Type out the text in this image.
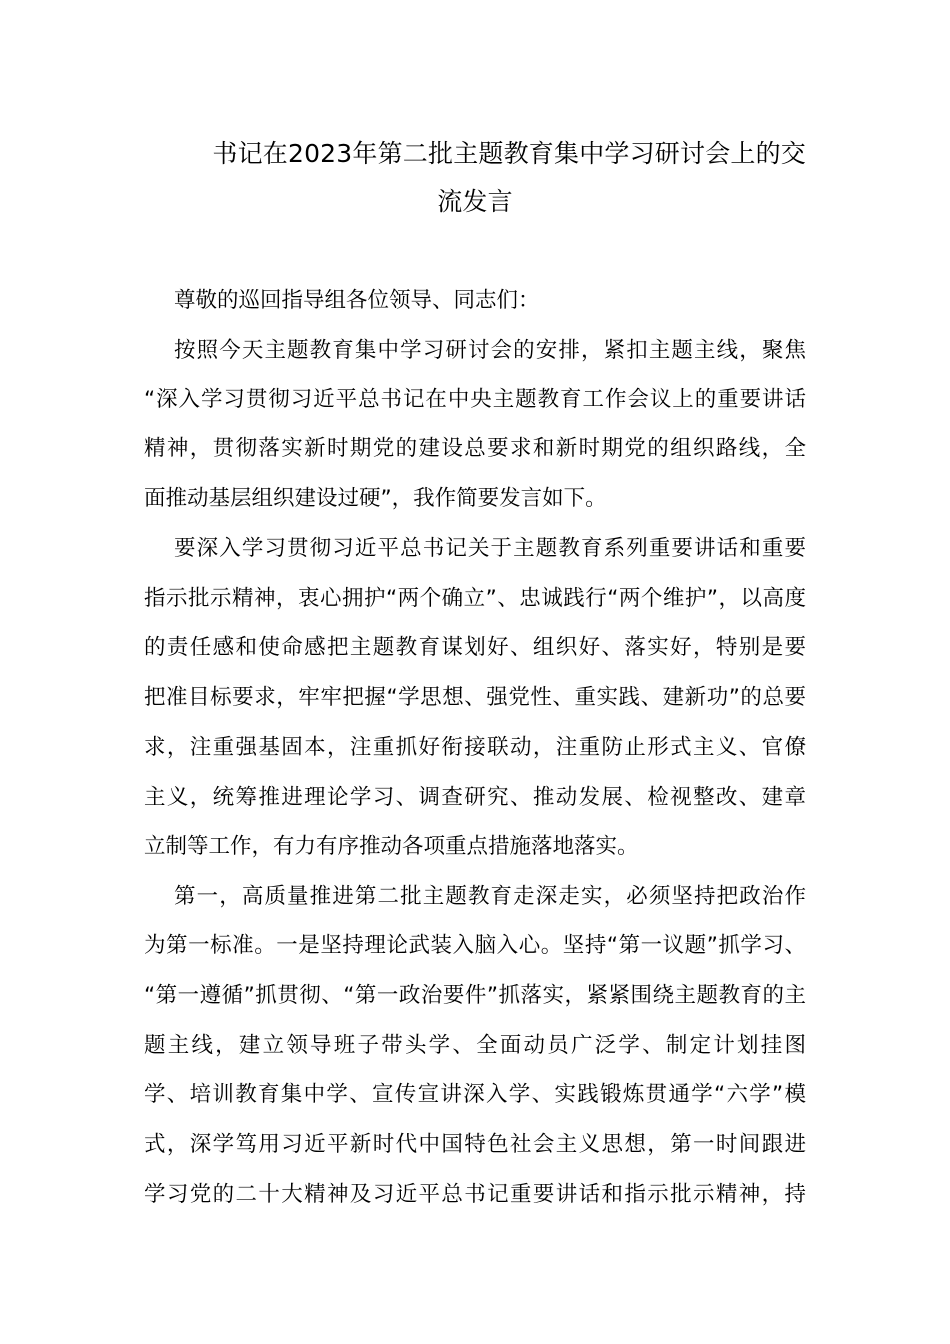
书记在2023年第二批主题教育集中学习研讨会上的交
流发言

尊敬的巡回指导组各位领导、同志们：

按照今天主题教育集中学习研讨会的安排，紧扣主题主线，聚焦

“深入学习贯彻习近平总书记在中央主题教育工作会议上的重要讲话

精神，贯彻落实新时期党的建设总要求和新时期党的组织路线，全

面推动基层组织建设过硬”，我作简要发言如下。

要深入学习贯彻习近平总书记关于主题教育系列重要讲话和重要

指示批示精神，衷心拥护“两个确立”、忠诚践行“两个维护”，以高度

的责任感和使命感把主题教育谋划好、组织好、落实好，特别是要

把准目标要求，牢牢把握“学思想、强党性、重实践、建新功”的总要

求，注重强基固本，注重抓好衔接联动，注重防止形式主义、官僚

主义，统筹推进理论学习、调查研究、推动发展、检视整改、建章

立制等工作，有力有序推动各项重点措施落地落实。

第一，高质量推进第二批主题教育走深走实，必须坚持把政治作

为第一标准。一是坚持理论武装入脑入心。坚持“第一议题”抓学习、

“第一遵循”抓贯彻、“第一政治要件”抓落实，紧紧围绕主题教育的主

题主线，建立领导班子带头学、全面动员广泛学、制定计划挂图

学、培训教育集中学、宣传宣讲深入学、实践锻炼贯通学“六学”模

式，深学笃用习近平新时代中国特色社会主义思想，第一时间跟进

学习党的二十大精神及习近平总书记重要讲话和指示批示精神，持
